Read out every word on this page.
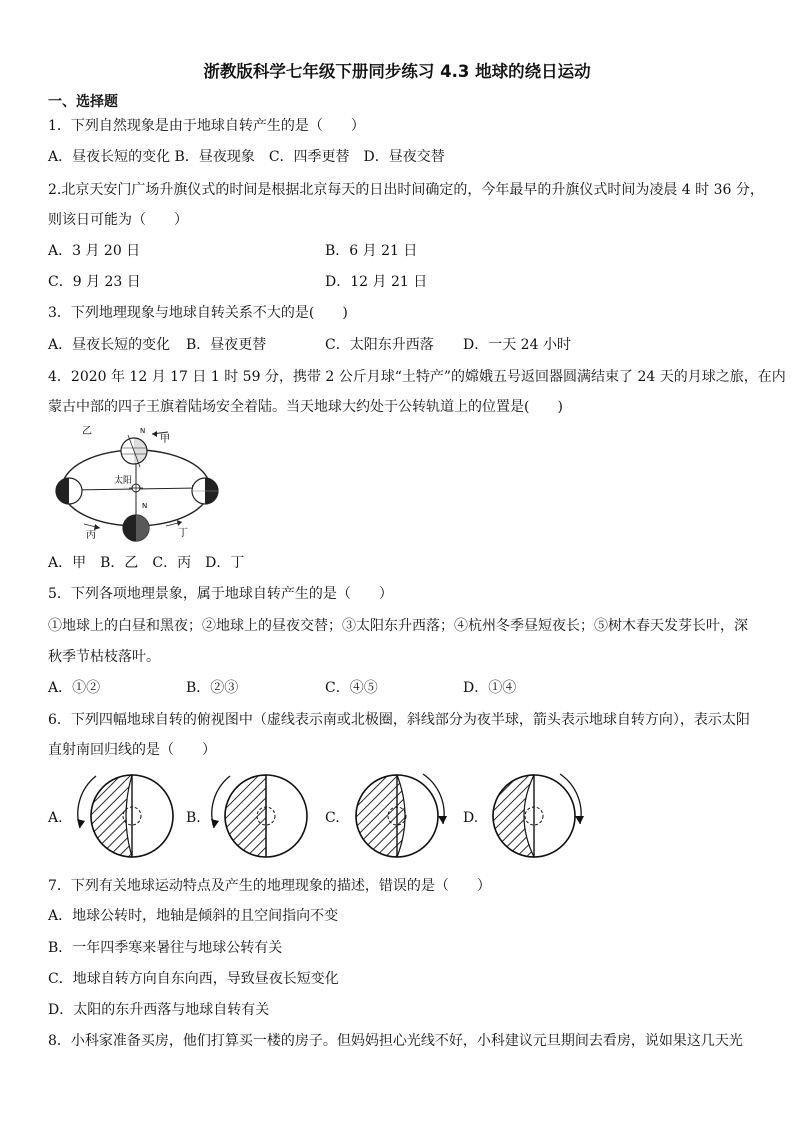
浙教版科学七年级下册同步练习 4.3 地球的绕日运动
一、选择题
1．下列自然现象是由于地球自转产生的是（　　）
A．昼夜长短的变化 B．昼夜现象　C．四季更替　D．昼夜交替
2.北京天安门广场升旗仪式的时间是根据北京每天的日出时间确定的，今年最早的升旗仪式时间为凌晨 4 时 36 分，
则该日可能为（　　）
A．3 月 20 日	B．6 月 21 日
C．9 月 23 日	D．12 月 21 日
3．下列地理现象与地球自转关系不大的是(　　)
A．昼夜长短的变化 B．昼夜更替	C．太阳东升西落 D．一天 24 小时
4．2020 年 12 月 17 日 1 时 59 分，携带 2 公斤月球“土特产”的嫦娥五号返回器圆满结束了 24 天的月球之旅，在内
蒙古中部的四子王旗着陆场安全着陆。当天地球大约处于公转轨道上的位置是(　　)
太阳
N
N
甲
乙
丙	丁
A．甲　B．乙　C．丙　D．丁
5．下列各项地理景象，属于地球自转产生的是（　　）
①地球上的白昼和黑夜；②地球上的昼夜交替；③太阳东升西落；④杭州冬季昼短夜长；⑤树木春天发芽长叶，深
秋季节枯枝落叶。
A．①②	B．②③	C．④⑤	D．①④
6．下列四幅地球自转的俯视图中（虚线表示南或北极圈，斜线部分为夜半球，箭头表示地球自转方向），表示太阳
直射南回归线的是（　　）
A.	B.	C.	D.
7．下列有关地球运动特点及产生的地理现象的描述，错误的是（　　）
A．地球公转时，地轴是倾斜的且空间指向不变
B．一年四季寒来暑往与地球公转有关
C．地球自转方向自东向西，导致昼夜长短变化
D．太阳的东升西落与地球自转有关
8．小科家准备买房，他们打算买一楼的房子。但妈妈担心光线不好，小科建议元旦期间去看房，说如果这几天光
